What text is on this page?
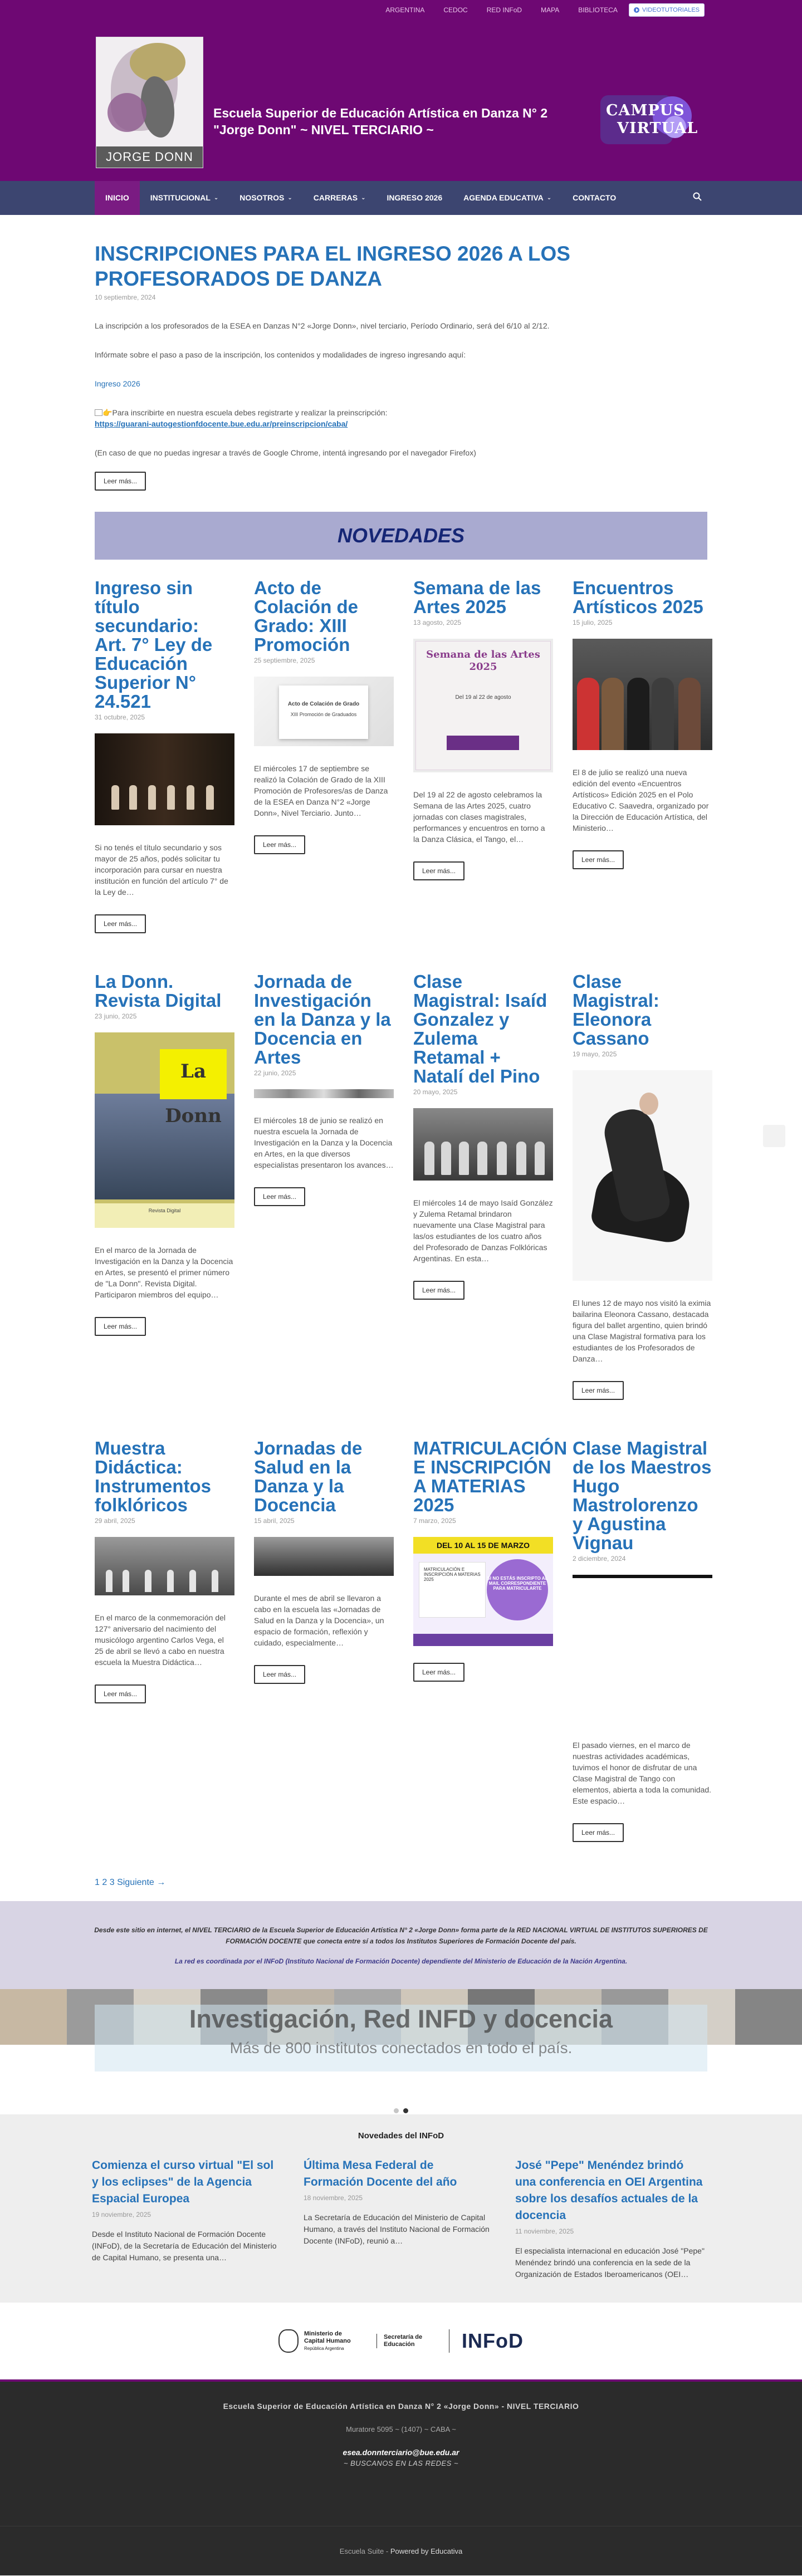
ARGENTINA	CEDOC	RED INFoD	MAPA	BIBLIOTECA	VIDEOTUTORIALES
JORGE DONN
Escuela Superior de Educación Artística en Danza N° 2
"Jorge Donn" ~ NIVEL TERCIARIO ~
CAMPUS
VIRTUAL
INICIO	INSTITUCIONAL ⌄	NOSOTROS ⌄	CARRERAS ⌄	INGRESO 2026	AGENDA EDUCATIVA ⌄	CONTACTO
INSCRIPCIONES PARA EL INGRESO 2026 A LOS PROFESORADOS DE DANZA
10 septiembre, 2024

La inscripción a los profesorados de la ESEA en Danzas N°2 «Jorge Donn», nivel terciario, Período Ordinario, será del 6/10 al 2/12.

Infórmate sobre el paso a paso de la inscripción, los contenidos y modalidades de ingreso ingresando aquí:

Ingreso 2026

👉Para inscribirte en nuestra escuela debes registrarte y realizar la preinscripción:
https://guarani-autogestionfdocente.bue.edu.ar/preinscripcion/caba/

(En caso de que no puedas ingresar a través de Google Chrome, intentá ingresando por el navegador Firefox)

Leer más...
NOVEDADES
Ingreso sin título secundario: Art. 7° Ley de Educación Superior N° 24.521
31 octubre, 2025

Si no tenés el título secundario y sos mayor de 25 años, podés solicitar tu incorporación para cursar en nuestra institución en función del artículo 7° de la Ley de…

Leer más...
Acto de Colación de Grado: XIII Promoción
25 septiembre, 2025
Acto de Colación de Grado
XIII Promoción de Graduados

El miércoles 17 de septiembre se realizó la Colación de Grado de la XIII Promoción de Profesores/as de Danza de la ESEA en Danza N°2 «Jorge Donn», Nivel Terciario. Junto…

Leer más...
Semana de las Artes 2025
13 agosto, 2025
Semana de las Artes 2025
Del 19 al 22 de agosto

Del 19 al 22 de agosto celebramos la Semana de las Artes 2025, cuatro jornadas con clases magistrales, performances y encuentros en torno a la Danza Clásica, el Tango, el…

Leer más...
Encuentros Artísticos 2025
15 julio, 2025

El 8 de julio se realizó una nueva edición del evento «Encuentros Artísticos» Edición 2025 en el Polo Educativo C. Saavedra, organizado por la Dirección de Educación Artística, del Ministerio…

Leer más...
La Donn. Revista Digital
23 junio, 2025
La Donn
Revista Digital

En el marco de la Jornada de Investigación en la Danza y la Docencia en Artes, se presentó el primer número de "La Donn". Revista Digital. Participaron miembros del equipo…

Leer más...
Jornada de Investigación en la Danza y la Docencia en Artes
22 junio, 2025

El miércoles 18 de junio se realizó en nuestra escuela la Jornada de Investigación en la Danza y la Docencia en Artes, en la que diversos especialistas presentaron los avances…

Leer más...
Clase Magistral: Isaíd Gonzalez y Zulema Retamal + Natalí del Pino
20 mayo, 2025

El miércoles 14 de mayo Isaíd González y Zulema Retamal brindaron nuevamente una Clase Magistral para las/os estudiantes de los cuatro años del Profesorado de Danzas Folklóricas Argentinas. En esta…

Leer más...
Clase Magistral: Eleonora Cassano
19 mayo, 2025

El lunes 12 de mayo nos visitó la eximia bailarina Eleonora Cassano, destacada figura del ballet argentino, quien brindó una Clase Magistral formativa para los estudiantes de los Profesorados de Danza…

Leer más...
Muestra Didáctica: Instrumentos folklóricos
29 abril, 2025

En el marco de la conmemoración del 127° aniversario del nacimiento del musicólogo argentino Carlos Vega, el 25 de abril se llevó a cabo en nuestra escuela la Muestra Didáctica…

Leer más...
Jornadas de Salud en la Danza y la Docencia
15 abril, 2025

Durante el mes de abril se llevaron a cabo en la escuela las «Jornadas de Salud en la Danza y la Docencia», un espacio de formación, reflexión y cuidado, especialmente…

Leer más...
MATRICULACIÓN E INSCRIPCIÓN A MATERIAS 2025
7 marzo, 2025
DEL 10 AL 15 DE MARZO
MATRICULACIÓN E INSCRIPCIÓN A MATERIAS 2025	SI NO ESTÁS INSCRIPTO AL MAIL CORRESPONDIENTE PARA MATRICULARTE
Leer más...
Clase Magistral de los Maestros Hugo Mastrolorenzo y Agustina Vignau
2 diciembre, 2024

El pasado viernes, en el marco de nuestras actividades académicas, tuvimos el honor de disfrutar de una Clase Magistral de Tango con elementos, abierta a toda la comunidad. Este espacio…

Leer más...
1 2 3 Siguiente →

Desde este sitio en internet, el NIVEL TERCIARIO de la Escuela Superior de Educación Artística N° 2 «Jorge Donn» forma parte de la RED NACIONAL VIRTUAL DE INSTITUTOS SUPERIORES DE FORMACIÓN DOCENTE que conecta entre sí a todos los Institutos Superiores de Formación Docente del país.

La red es coordinada por el INFoD (Instituto Nacional de Formación Docente) dependiente del Ministerio de Educación de la Nación Argentina.

Investigación, Red INFD y docencia
Más de 800 institutos conectados en todo el país.
Novedades del INFoD
Comienza el curso virtual "El sol y los eclipses" de la Agencia Espacial Europea
19 noviembre, 2025
Desde el Instituto Nacional de Formación Docente (INFoD), de la Secretaría de Educación del Ministerio de Capital Humano, se presenta una…
Última Mesa Federal de Formación Docente del año
18 noviembre, 2025
La Secretaría de Educación del Ministerio de Capital Humano, a través del Instituto Nacional de Formación Docente (INFoD), reunió a…
José "Pepe" Menéndez brindó una conferencia en OEI Argentina sobre los desafíos actuales de la docencia
11 noviembre, 2025
El especialista internacional en educación José "Pepe" Menéndez brindó una conferencia en la sede de la Organización de Estados Iberoamericanos (OEI…
Ministerio de Capital Humano
República Argentina
Secretaría de Educación	INFoD
Escuela Superior de Educación Artística en Danza N° 2 «Jorge Donn» - NIVEL TERCIARIO
Muratore 5095 ~ (1407) ~ CABA ~
esea.donnterciario@bue.edu.ar
~ BUSCANOS EN LAS REDES ~
Escuela Suite - Powered by Educativa
